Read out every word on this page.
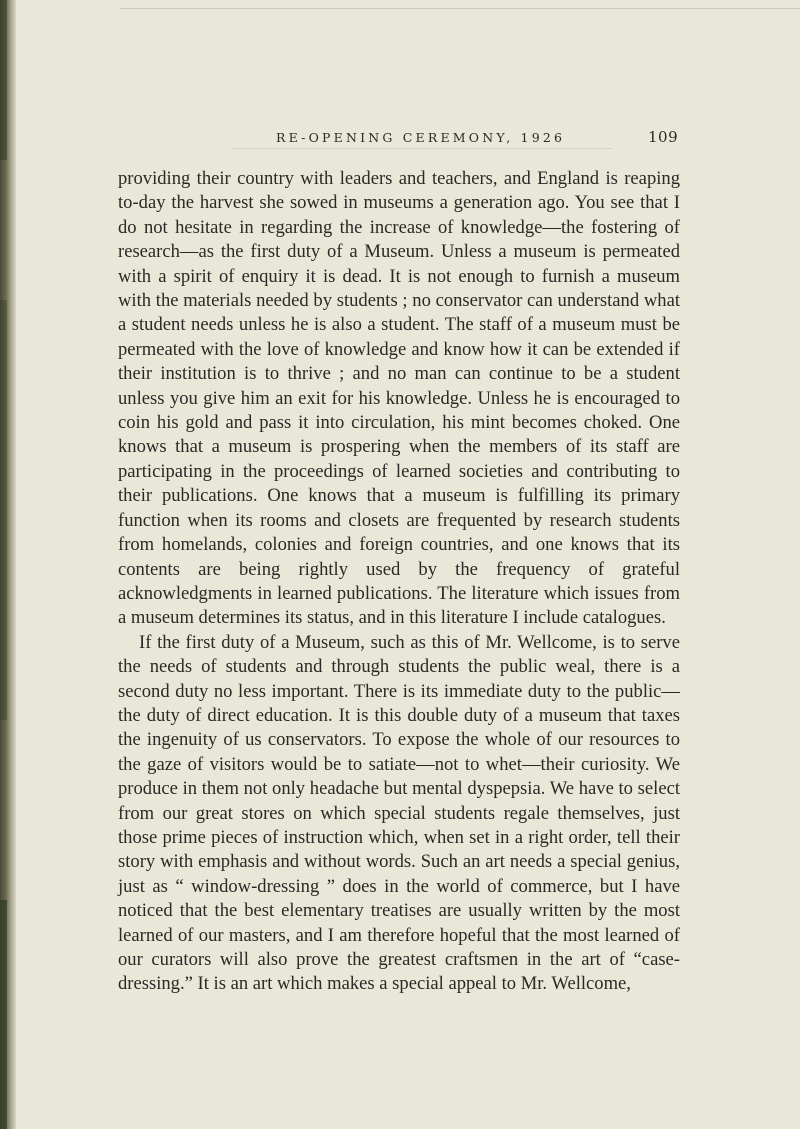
RE-OPENING CEREMONY, 1926	109

providing their country with leaders and teachers, and England is reaping to-day the harvest she sowed in museums a generation ago. You see that I do not hesitate in regarding the increase of knowledge—the fostering of research—as the first duty of a Museum. Unless a museum is permeated with a spirit of enquiry it is dead. It is not enough to furnish a museum with the materials needed by students ; no conservator can understand what a student needs unless he is also a student. The staff of a museum must be permeated with the love of knowledge and know how it can be extended if their institution is to thrive ; and no man can continue to be a student unless you give him an exit for his knowledge. Unless he is encouraged to coin his gold and pass it into circulation, his mint becomes choked. One knows that a museum is prospering when the members of its staff are participating in the proceedings of learned societies and contributing to their publications. One knows that a museum is fulfilling its primary function when its rooms and closets are frequented by research students from homelands, colonies and foreign countries, and one knows that its contents are being rightly used by the frequency of grateful acknowledgments in learned publications. The literature which issues from a museum determines its status, and in this literature I include catalogues.

If the first duty of a Museum, such as this of Mr. Wellcome, is to serve the needs of students and through students the public weal, there is a second duty no less important. There is its immediate duty to the public—the duty of direct education. It is this double duty of a museum that taxes the ingenuity of us conservators. To expose the whole of our resources to the gaze of visitors would be to satiate—not to whet—their curiosity. We produce in them not only headache but mental dyspepsia. We have to select from our great stores on which special students regale themselves, just those prime pieces of instruction which, when set in a right order, tell their story with emphasis and without words. Such an art needs a special genius, just as “ window-dressing ” does in the world of commerce, but I have noticed that the best elementary treatises are usually written by the most learned of our masters, and I am therefore hopeful that the most learned of our curators will also prove the greatest craftsmen in the art of “case-dressing.” It is an art which makes a special appeal to Mr. Wellcome,
